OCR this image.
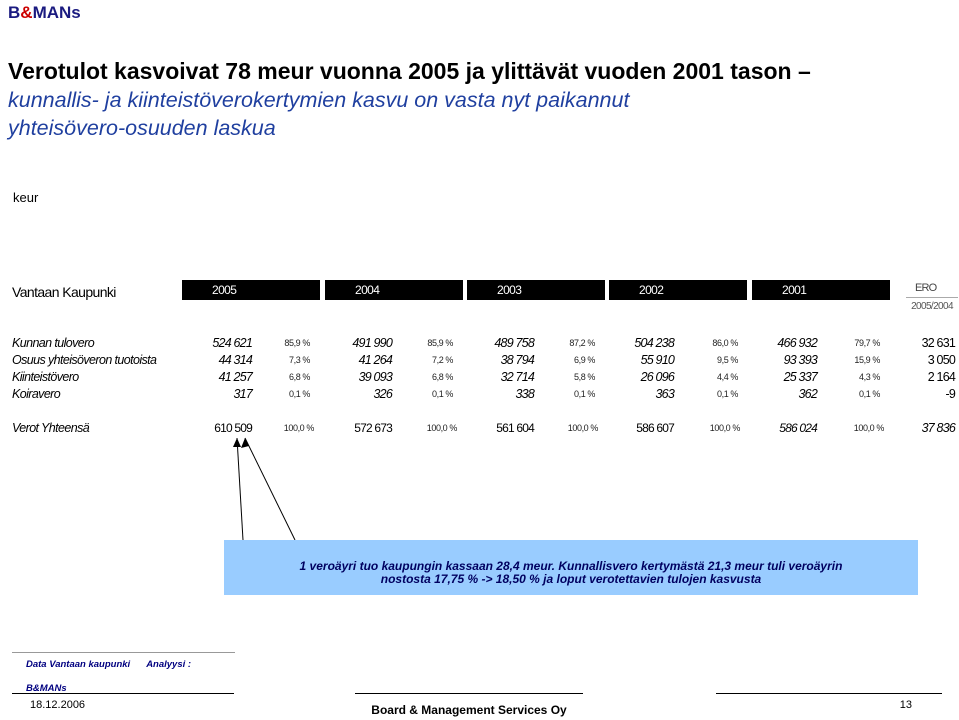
B&MANs
Verotulot kasvoivat 78 meur vuonna 2005 ja ylittävät vuoden 2001 tason –
kunnallis- ja kiinteistöverokertymien kasvu on vasta nyt paikannut
yhteisövero-osuuden laskua
keur
Vantaan Kaupunki	2005	2004	2003	2002	2001	ERO
2005/2004
Kunnan tulovero	524 621	85,9 %	491 990	85,9 %	489 758	87,2 %	504 238	86,0 %	466 932	79,7 %	32 631
Osuus yhteisöveron tuotoista	44 314	7,3 %	41 264	7,2 %	38 794	6,9 %	55 910	9,5 %	93 393	15,9 %	3 050
Kiinteistövero	41 257	6,8 %	39 093	6,8 %	32 714	5,8 %	26 096	4,4 %	25 337	4,3 %	2 164
Koiravero	317	0,1 %	326	0,1 %	338	0,1 %	363	0,1 %	362	0,1 %	-9
Verot Yhteensä	610 509	100,0 %	572 673	100,0 %	561 604	100,0 %	586 607	100,0 %	586 024	100,0 %	37 836
1 veroäyri tuo kaupungin kassaan 28,4 meur. Kunnallisvero kertymästä 21,3 meur tuli veroäyrin
nostosta 17,75 % -> 18,50 % ja loput verotettavien tulojen kasvusta
Data Vantaan kaupunki Analyysi : B&MANs
18.12.2006	Board & Management Services Oy	13
